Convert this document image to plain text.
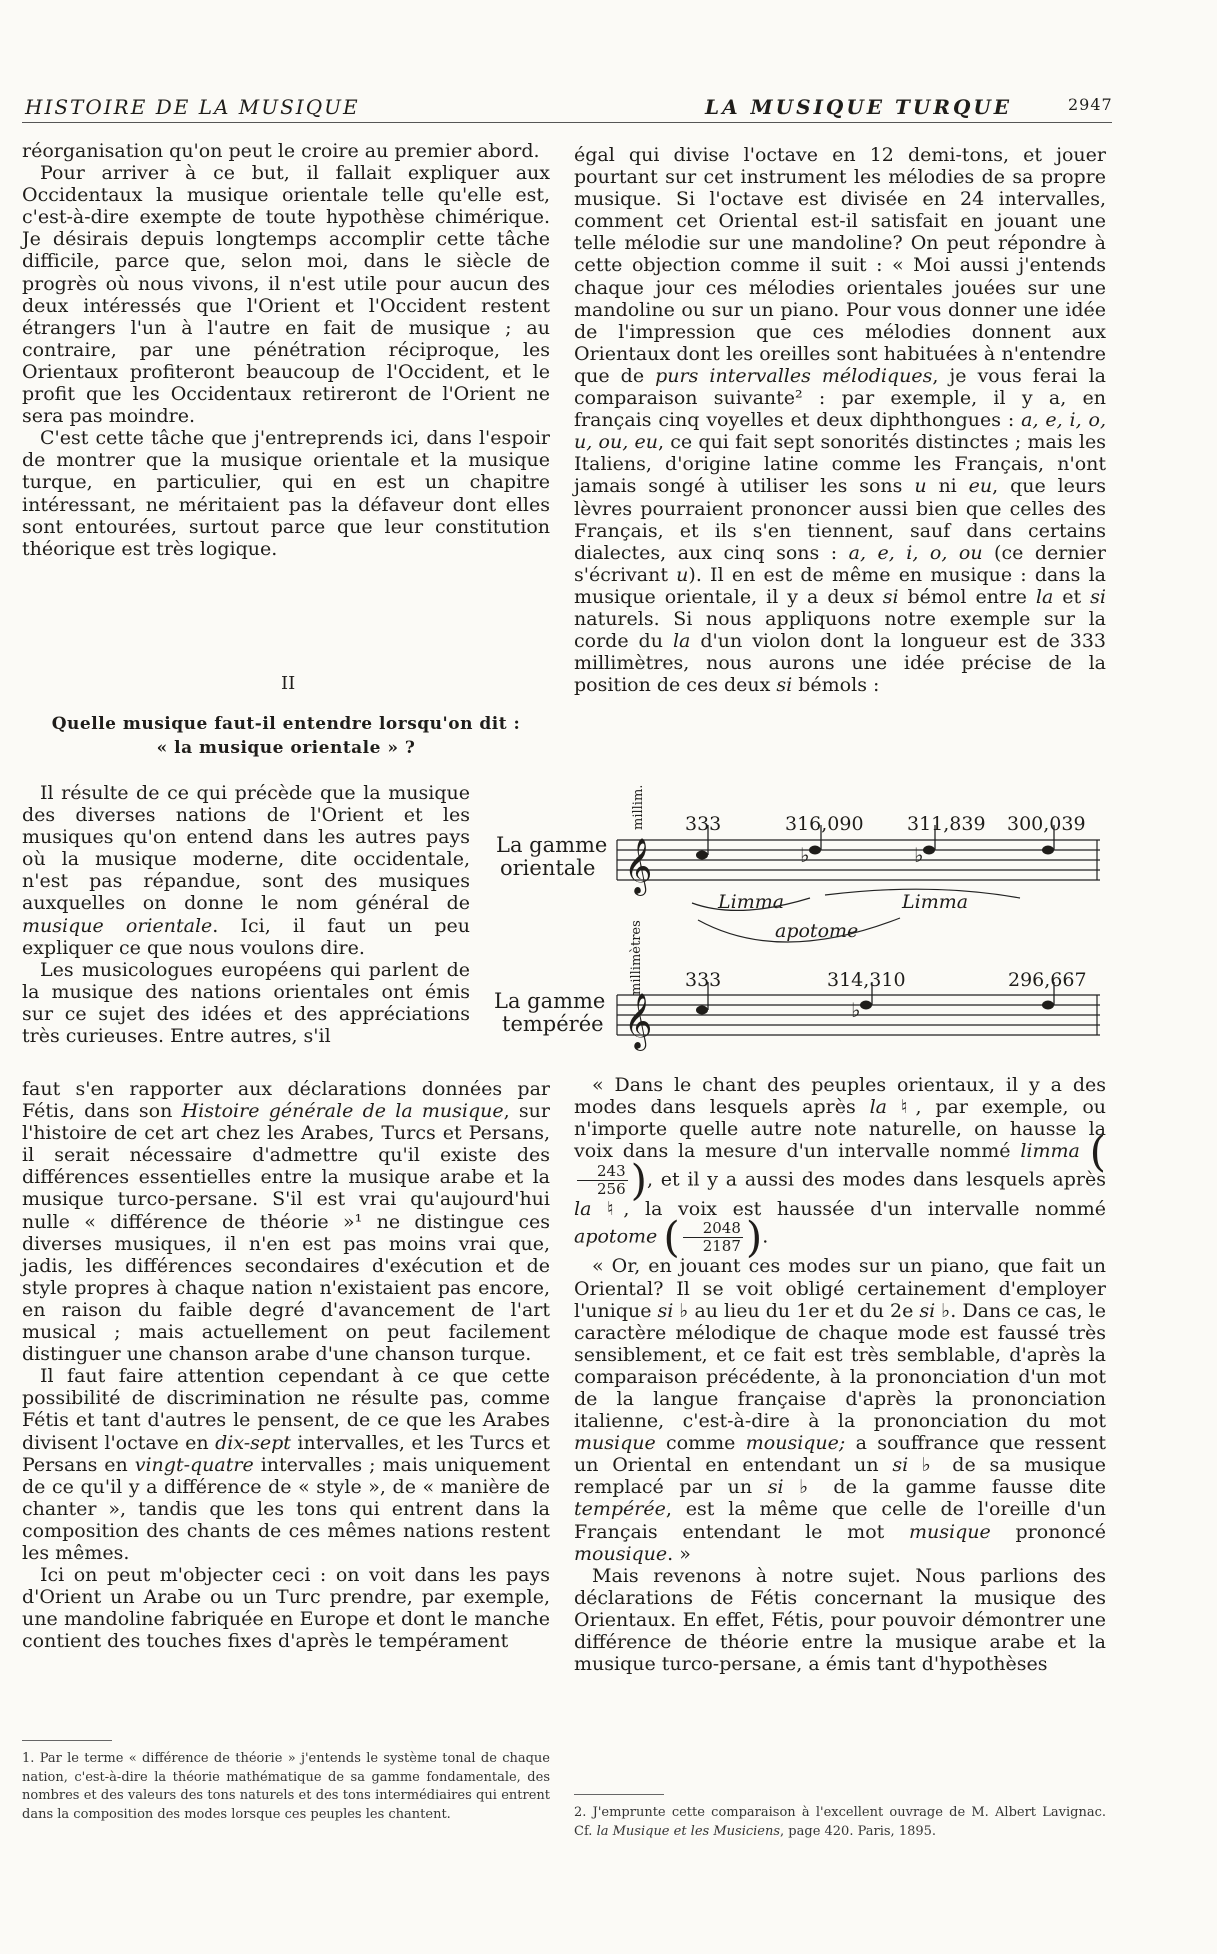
HISTOIRE DE LA MUSIQUE	LA MUSIQUE TURQUE	2947

réorganisation qu'on peut le croire au premier abord.

Pour arriver à ce but, il fallait expliquer aux Occidentaux la musique orientale telle qu'elle est, c'est-à-dire exempte de toute hypothèse chimérique. Je désirais depuis longtemps accomplir cette tâche difficile, parce que, selon moi, dans le siècle de progrès où nous vivons, il n'est utile pour aucun des deux intéressés que l'Orient et l'Occident restent étrangers l'un à l'autre en fait de musique ; au contraire, par une pénétration réciproque, les Orientaux profiteront beaucoup de l'Occident, et le profit que les Occidentaux retireront de l'Orient ne sera pas moindre.

C'est cette tâche que j'entreprends ici, dans l'espoir de montrer que la musique orientale et la musique turque, en particulier, qui en est un chapitre intéressant, ne méritaient pas la défaveur dont elles sont entourées, surtout parce que leur constitution théorique est très logique.

II
Quelle musique faut-il entendre lorsqu'on dit :
« la musique orientale » ?

égal qui divise l'octave en 12 demi-tons, et jouer pourtant sur cet instrument les mélodies de sa propre musique. Si l'octave est divisée en 24 intervalles, comment cet Oriental est-il satisfait en jouant une telle mélodie sur une mandoline? On peut répondre à cette objection comme il suit : « Moi aussi j'entends chaque jour ces mélodies orientales jouées sur une mandoline ou sur un piano. Pour vous donner une idée de l'impression que ces mélodies donnent aux Orientaux dont les oreilles sont habituées à n'entendre que de purs intervalles mélodiques, je vous ferai la comparaison suivante² : par exemple, il y a, en français cinq voyelles et deux diphthongues : a, e, i, o, u, ou, eu, ce qui fait sept sonorités distinctes ; mais les Italiens, d'origine latine comme les Français, n'ont jamais songé à utiliser les sons u ni eu, que leurs lèvres pourraient prononcer aussi bien que celles des Français, et ils s'en tiennent, sauf dans certains dialectes, aux cinq sons : a, e, i, o, ou (ce dernier s'écrivant u). Il en est de même en musique : dans la musique orientale, il y a deux si bémol entre la et si naturels. Si nous appliquons notre exemple sur la corde du la d'un violon dont la longueur est de 333 millimètres, nous aurons une idée précise de la position de ces deux si bémols :

Il résulte de ce qui précède que la musique des diverses nations de l'Orient et les musiques qu'on entend dans les autres pays où la musique moderne, dite occidentale, n'est pas répandue, sont des musiques auxquelles on donne le nom général de musique orientale. Ici, il faut un peu expliquer ce que nous voulons dire.

Les musicologues européens qui parlent de la musique des nations orientales ont émis sur ce sujet des idées et des appréciations très curieuses. Entre autres, s'il

La gamme
orientale
La gamme
tempérée
millim.
millimètres
333	316,090 311,839 300,039
333	314,310	296,667
Limma	Limma
apotome
𝄞
𝄞
♭	♭
♭

faut s'en rapporter aux déclarations données par Fétis, dans son Histoire générale de la musique, sur l'histoire de cet art chez les Arabes, Turcs et Persans, il serait nécessaire d'admettre qu'il existe des différences essentielles entre la musique arabe et la musique turco-persane. S'il est vrai qu'aujourd'hui nulle « différence de théorie »¹ ne distingue ces diverses musiques, il n'en est pas moins vrai que, jadis, les différences secondaires d'exécution et de style propres à chaque nation n'existaient pas encore, en raison du faible degré d'avancement de l'art musical ; mais actuellement on peut facilement distinguer une chanson arabe d'une chanson turque.

Il faut faire attention cependant à ce que cette possibilité de discrimination ne résulte pas, comme Fétis et tant d'autres le pensent, de ce que les Arabes divisent l'octave en dix-sept intervalles, et les Turcs et Persans en vingt-quatre intervalles ; mais uniquement de ce qu'il y a différence de « style », de « manière de chanter », tandis que les tons qui entrent dans la composition des chants de ces mêmes nations restent les mêmes.

Ici on peut m'objecter ceci : on voit dans les pays d'Orient un Arabe ou un Turc prendre, par exemple, une mandoline fabriquée en Europe et dont le manche contient des touches fixes d'après le tempérament

« Dans le chant des peuples orientaux, il y a des modes dans lesquels après la ♮, par exemple, ou n'importe quelle autre note naturelle, on hausse la voix dans la mesure d'un intervalle nommé limma (
$\frac{243}{256}$ ), et il y a aussi des modes dans lesquels après la ♮, la voix est haussée d'un intervalle nommé apotome ( $\frac{2048}{2187}$ ).

« Or, en jouant ces modes sur un piano, que fait un Oriental? Il se voit obligé certainement d'employer l'unique si ♭ au lieu du 1er et du 2e si ♭. Dans ce cas, le caractère mélodique de chaque mode est faussé très sensiblement, et ce fait est très semblable, d'après la comparaison précédente, à la prononciation d'un mot de la langue française d'après la prononciation italienne, c'est-à-dire à la prononciation du mot musique comme mousique; a souffrance que ressent un Oriental en entendant un si ♭ de sa musique remplacé par un si ♭ de la gamme fausse dite tempérée, est la même que celle de l'oreille d'un Français entendant le mot musique prononcé mousique. »

Mais revenons à notre sujet. Nous parlions des déclarations de Fétis concernant la musique des Orientaux. En effet, Fétis, pour pouvoir démontrer une différence de théorie entre la musique arabe et la musique turco-persane, a émis tant d'hypothèses

1. Par le terme « différence de théorie » j'entends le système tonal de chaque nation, c'est-à-dire la théorie mathématique de sa gamme fondamentale, des nombres et des valeurs des tons naturels et des tons intermédiaires qui entrent dans la composition des modes lorsque ces peuples les chantent.	2. J'emprunte cette comparaison à l'excellent ouvrage de M. Albert Lavignac. Cf. la Musique et les Musiciens, page 420. Paris, 1895.
